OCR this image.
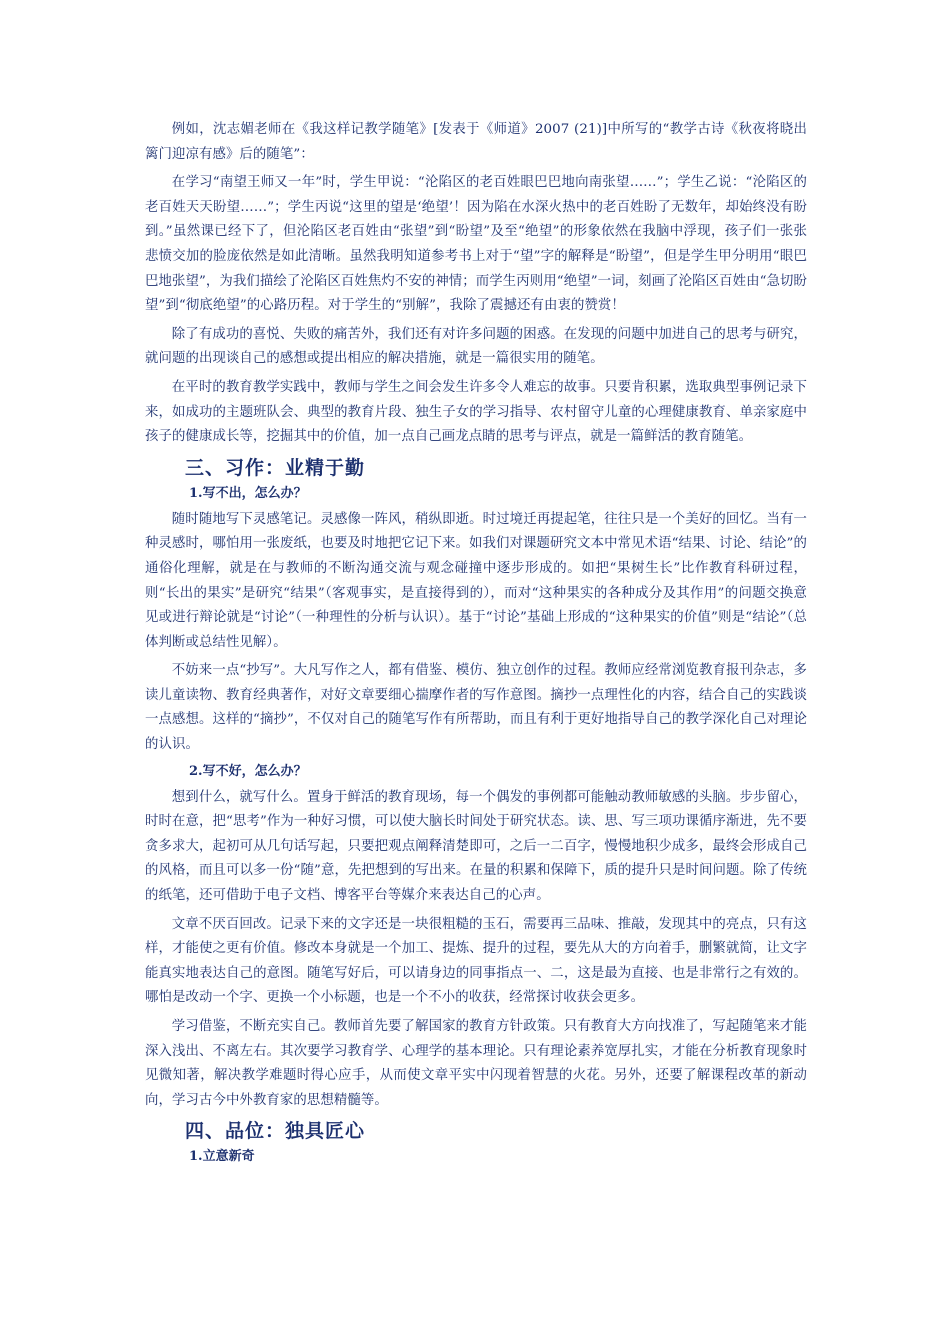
例如，沈志媚老师在《我这样记教学随笔》[发表于《师道》2007 (21)]中所写的“教学古诗《秋夜将晓出篱门迎凉有感》后的随笔”：

在学习“南望王师又一年”时，学生甲说：“沦陷区的老百姓眼巴巴地向南张望……”；学生乙说：“沦陷区的老百姓天天盼望……”；学生丙说“这里的望是‘绝望’！因为陷在水深火热中的老百姓盼了无数年，却始终没有盼到。”虽然课已经下了，但沦陷区老百姓由“张望”到“盼望”及至“绝望”的形象依然在我脑中浮现，孩子们一张张悲愤交加的脸庞依然是如此清晰。虽然我明知道参考书上对于“望”字的解释是“盼望”，但是学生甲分明用“眼巴巴地张望”，为我们描绘了沦陷区百姓焦灼不安的神情；而学生丙则用“绝望”一词，刻画了沦陷区百姓由“急切盼望”到“彻底绝望”的心路历程。对于学生的“别解”，我除了震撼还有由衷的赞赏！

除了有成功的喜悦、失败的痛苦外，我们还有对许多问题的困惑。在发现的问题中加进自己的思考与研究，就问题的出现谈自己的感想或提出相应的解决措施，就是一篇很实用的随笔。

在平时的教育教学实践中，教师与学生之间会发生许多令人难忘的故事。只要肯积累，选取典型事例记录下来，如成功的主题班队会、典型的教育片段、独生子女的学习指导、农村留守儿童的心理健康教育、单亲家庭中孩子的健康成长等，挖掘其中的价值，加一点自己画龙点睛的思考与评点，就是一篇鲜活的教育随笔。

三、习作：业精于勤
1.写不出，怎么办？

随时随地写下灵感笔记。灵感像一阵风，稍纵即逝。时过境迁再提起笔，往往只是一个美好的回忆。当有一种灵感时，哪怕用一张废纸，也要及时地把它记下来。如我们对课题研究文本中常见术语“结果、讨论、结论”的通俗化理解，就是在与教师的不断沟通交流与观念碰撞中逐步形成的。如把“果树生长”比作教育科研过程，则“长出的果实”是研究“结果”（客观事实，是直接得到的），而对“这种果实的各种成分及其作用”的问题交换意见或进行辩论就是“讨论”（一种理性的分析与认识）。基于“讨论”基础上形成的“这种果实的价值”则是“结论”（总体判断或总结性见解）。

不妨来一点“抄写”。大凡写作之人，都有借鉴、模仿、独立创作的过程。教师应经常浏览教育报刊杂志，多读儿童读物、教育经典著作，对好文章要细心揣摩作者的写作意图。摘抄一点理性化的内容，结合自己的实践谈一点感想。这样的“摘抄”，不仅对自己的随笔写作有所帮助，而且有利于更好地指导自己的教学深化自己对理论的认识。

2.写不好，怎么办？

想到什么，就写什么。置身于鲜活的教育现场，每一个偶发的事例都可能触动教师敏感的头脑。步步留心，时时在意，把“思考”作为一种好习惯，可以使大脑长时间处于研究状态。读、思、写三项功课循序渐进，先不要贪多求大，起初可从几句话写起，只要把观点阐释清楚即可，之后一二百字，慢慢地积少成多，最终会形成自己的风格，而且可以多一份“随”意，先把想到的写出来。在量的积累和保障下，质的提升只是时间问题。除了传统的纸笔，还可借助于电子文档、博客平台等媒介来表达自己的心声。

文章不厌百回改。记录下来的文字还是一块很粗糙的玉石，需要再三品味、推敲，发现其中的亮点，只有这样，才能使之更有价值。修改本身就是一个加工、提炼、提升的过程，要先从大的方向着手，删繁就简，让文字能真实地表达自己的意图。随笔写好后，可以请身边的同事指点一、二，这是最为直接、也是非常行之有效的。哪怕是改动一个字、更换一个小标题，也是一个不小的收获，经常探讨收获会更多。

学习借鉴，不断充实自己。教师首先要了解国家的教育方针政策。只有教育大方向找准了，写起随笔来才能深入浅出、不离左右。其次要学习教育学、心理学的基本理论。只有理论素养宽厚扎实，才能在分析教育现象时见微知著，解决教学难题时得心应手，从而使文章平实中闪现着智慧的火花。另外，还要了解课程改革的新动向，学习古今中外教育家的思想精髓等。

四、品位：独具匠心
1.立意新奇
